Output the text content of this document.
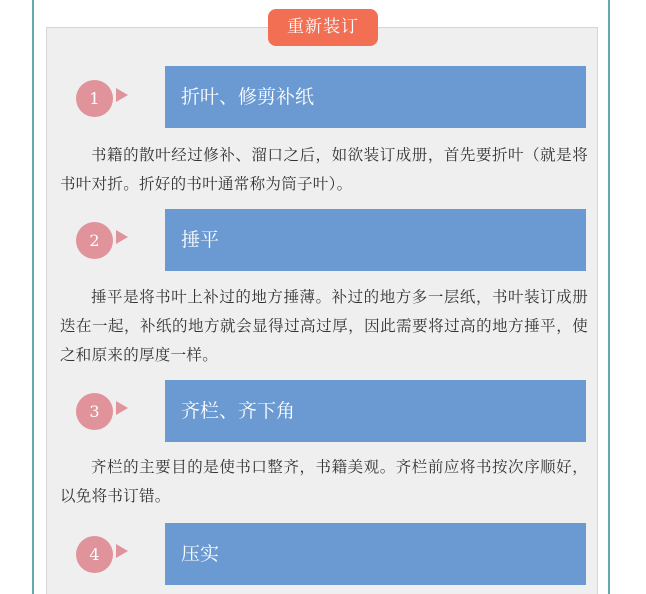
重新装订
1	折叶、修剪补纸
书籍的散叶经过修补、溜口之后，如欲装订成册，首先要折叶（就是将书叶对折。折好的书叶通常称为筒子叶）。
2	捶平
捶平是将书叶上补过的地方捶薄。补过的地方多一层纸，书叶装订成册迭在一起，补纸的地方就会显得过高过厚，因此需要将过高的地方捶平，使之和原来的厚度一样。
3	齐栏、齐下角
齐栏的主要目的是使书口整齐，书籍美观。齐栏前应将书按次序顺好，以免将书订错。
4	压实
